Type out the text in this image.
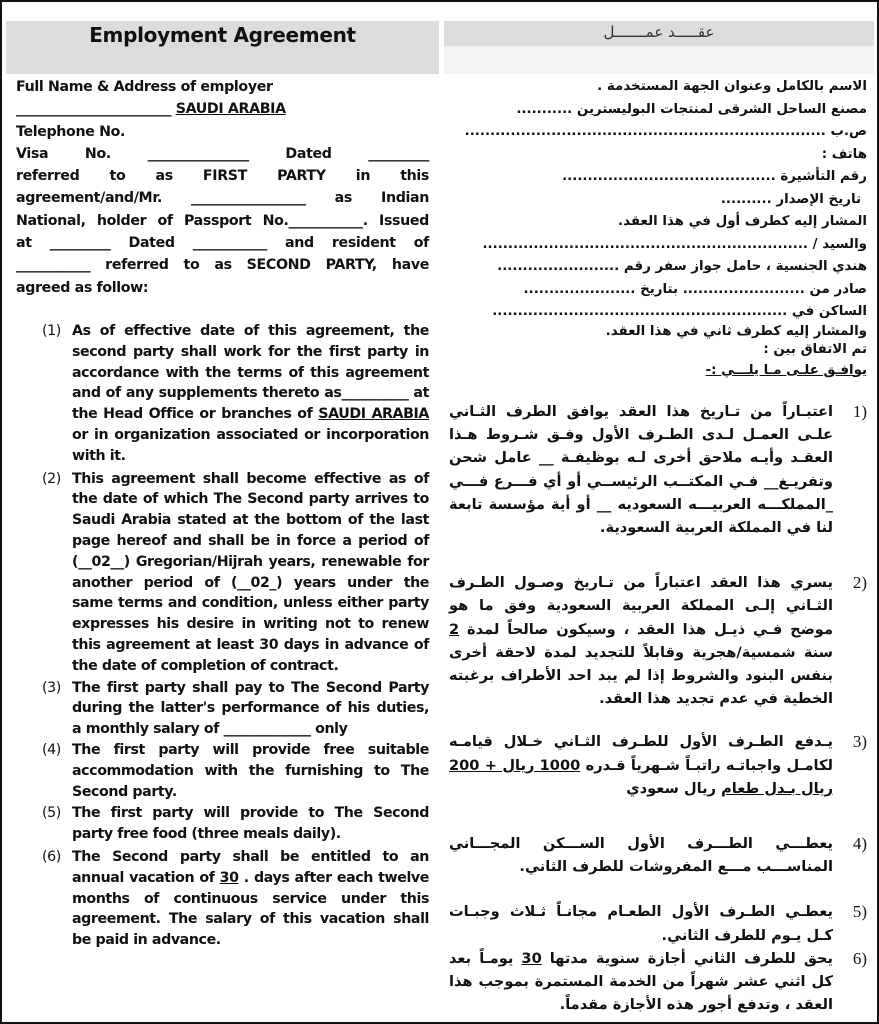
Employment Agreement	عقـــــد عمـــــــل

Full Name & Address of employer

_______________________ SAUDI ARABIA

Telephone No.

Visa No. _______________ Dated _________

referred to as FIRST PARTY in this

agreement/and/Mr. _________________ as Indian

National, holder of Passport No.___________. Issued

at _________ Dated ___________ and resident of

___________ referred to as SECOND PARTY, have

agreed as follow:

(1) As of effective date of this agreement, the second party shall work for the first party in accordance with the terms of this agreement and of any supplements thereto as__________ at the Head Office or branches of SAUDI ARABIA or in organization associated or incorporation with it.
(2) This agreement shall become effective as of the date of which The Second party arrives to Saudi Arabia stated at the bottom of the last page hereof and shall be in force a period of (__02__) Gregorian/Hijrah years, renewable for another period of (__02_) years under the same terms and condition, unless either party expresses his desire in writing not to renew this agreement at least 30 days in advance of the date of completion of contract.
(3) The first party shall pay to The Second Party during the latter's performance of his duties, a monthly salary of _____________ only
(4) The first party will provide free suitable accommodation with the furnishing to The Second party.
(5) The first party will provide to The Second party free food (three meals daily).
(6) The Second party shall be entitled to an annual vacation of 30 . days after each twelve months of continuous service under this agreement. The salary of this vacation shall be paid in advance.

الاسم بالكامل وعنوان الجهة المستخدمة .

مصنع الساحل الشرقى لمنتجات البوليسترين ...........

ص.ب .......................................................................

هاتف :

رقم التأشيرة ..........................................

تاريخ الإصدار ..........

المشار إليه كطرف أول في هذا العقد.

والسيد / ................................................................

هندي الجنسية ، حامل جواز سفر رقم ........................

صادر من ........................ بتاريخ ......................

الساكن في ..........................................................

والمشار إليه كطرف ثاني في هذا العقد.

تم الاتفاق بين :

يوافـق علـى مـا يلـــي :-

(1
اعتبـاراً من تـاريخ هذا العقد يوافق الطرف الثـاني علـى العمـل لـدى الطـرف الأول وفـق شـروط هـذا العقـد وأيـه ملاحق أخرى لـه بوظيفـة __ عامل شحن وتفريـغ__ فـي المكتــب الرئيســي أو أي فـــرع فـــي _المملكـــه العربيـــه السعوديه __ أو أية مؤسسة تابعة لنا في المملكة العربية السعودية.
(2
يسري هذا العقد اعتباراً من تـاريخ وصـول الطـرف الثـاني إلـى المملكة العربية السعودية وفق ما هو موضح فـي ذيـل هذا العقد ، وسيكون صالحاً لمدة 2 سنة شمسية/هجرية وقابلاً للتجديد لمدة لاحقة أخرى بنفس البنود والشروط إذا لم يبد احد الأطراف برغبته الخطية في عدم تجديد هذا العقد.
(3
يـدفع الطـرف الأول للطـرف الثـاني خـلال قيامـه لكامـل واجباتـه راتبـاً شـهرياً قـدره 1000 ريال + 200 ريال بـدل طعام ريال سعودي
(4
يعطـــي الطـــرف الأول الســـكن المجـــاني المناســـب مـــع المفروشات للطرف الثاني.
(5
يعطـي الطـرف الأول الطعـام مجانـاً ثـلاث وجبـات كـل يـوم للطرف الثاني.
(6
يحق للطرف الثاني أجازة سنوية مدتها 30 يومـاً بعد كل اثني عشر شهراً من الخدمة المستمرة بموجب هذا العقد ، وتدفع أجور هذه الأجازة مقدماً.
